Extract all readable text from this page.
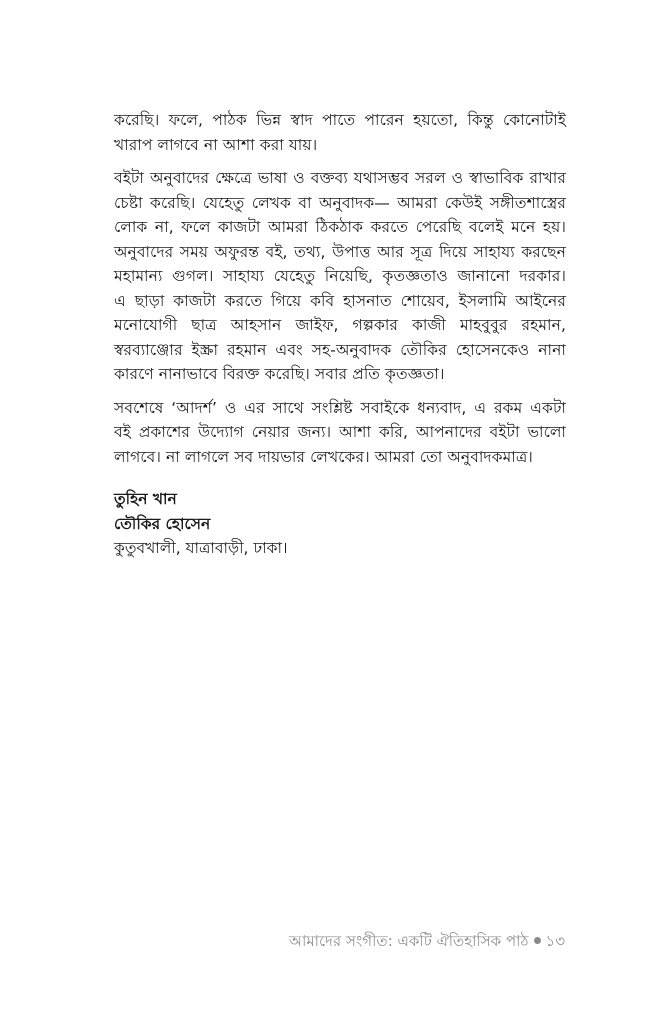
করেছি। ফলে, পাঠক ভিন্ন স্বাদ পাতে পারেন হয়তো, কিন্তু কোনোটাই
খারাপ লাগবে না আশা করা যায়।

বইটা অনুবাদের ক্ষেত্রে ভাষা ও বক্তব্য যথাসম্ভব সরল ও স্বাভাবিক রাখার
চেষ্টা করেছি। যেহেতু লেখক বা অনুবাদক— আমরা কেউই সঙ্গীতশাস্ত্রের
লোক না, ফলে কাজটা আমরা ঠিকঠাক করতে পেরেছি বলেই মনে হয়।
অনুবাদের সময় অফুরন্ত বই, তথ্য, উপাত্ত আর সূত্র দিয়ে সাহায্য করছেন
মহামান্য গুগল। সাহায্য যেহেতু নিয়েছি, কৃতজ্ঞতাও জানানো দরকার।
এ ছাড়া কাজটা করতে গিয়ে কবি হাসনাত শোয়েব, ইসলামি আইনের
মনোযোগী ছাত্র আহসান জাইফ, গল্পকার কাজী মাহবুবুর রহমান,
স্বরব্যাঞ্জোর ইস্ক্রা রহমান এবং সহ-অনুবাদক তৌকির হোসেনকেও নানা
কারণে নানাভাবে বিরক্ত করেছি। সবার প্রতি কৃতজ্ঞতা।

সবশেষে ‘আদর্শ’ ও এর সাথে সংশ্লিষ্ট সবাইকে ধন্যবাদ, এ রকম একটা
বই প্রকাশের উদ্যোগ নেয়ার জন্য। আশা করি, আপনাদের বইটা ভালো
লাগবে। না লাগলে সব দায়ভার লেখকের। আমরা তো অনুবাদকমাত্র।

তুহিন খান
তৌকির হোসেন
কুতুবখালী, যাত্রাবাড়ী, ঢাকা।
আমাদের সংগীত: একটি ঐতিহাসিক পাঠ ১৩
